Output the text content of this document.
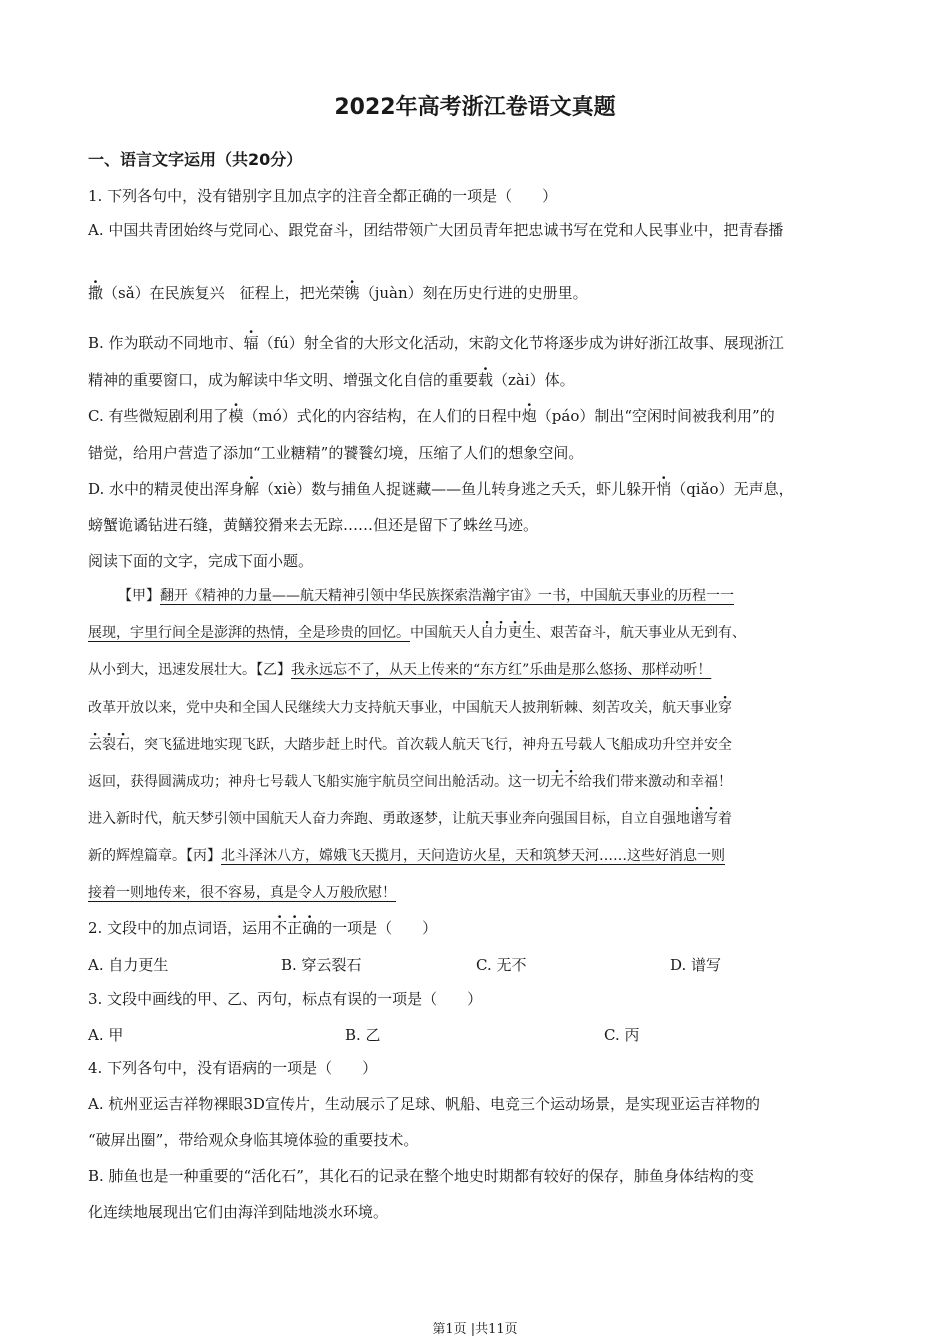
2022年高考浙江卷语文真题
一、语言文字运用（共20分）
1. 下列各句中，没有错别字且加点字的注音全都正确的一项是（　　）
A. 中国共青团始终与党同心、跟党奋斗，团结带领广大团员青年把忠诚书写在党和人民事业中，把青春播
撒（sǎ）在民族复兴　征程上，把光荣镌（juàn）刻在历史行进的史册里。
B. 作为联动不同地市、辐（fú）射全省的大形文化活动，宋韵文化节将逐步成为讲好浙江故事、展现浙江
精神的重要窗口，成为解读中华文明、增强文化自信的重要载（zài）体。
C. 有些微短剧利用了模（mó）式化的内容结构，在人们的日程中炮（páo）制出“空闲时间被我利用”的
错觉，给用户营造了添加“工业糖精”的饕餮幻境，压缩了人们的想象空间。
D. 水中的精灵使出浑身解（xiè）数与捕鱼人捉谜藏——鱼儿转身逃之夭夭，虾儿躲开悄（qiǎo）无声息，
螃蟹诡谲钻进石缝，黄鳝狡猾来去无踪……但还是留下了蛛丝马迹。
阅读下面的文字，完成下面小题。
【甲】翻开《精神的力量——航天精神引领中华民族探索浩瀚宇宙》一书，中国航天事业的历程一一
展现，宇里行间全是澎湃的热情，全是珍贵的回忆。中国航天人自力更生、艰苦奋斗，航天事业从无到有、
从小到大，迅速发展壮大。【乙】我永远忘不了，从天上传来的“东方红”乐曲是那么悠扬、那样动听！
改革开放以来，党中央和全国人民继续大力支持航天事业，中国航天人披荆斩棘、刻苦攻关，航天事业穿
云裂石，突飞猛进地实现飞跃，大踏步赶上时代。首次载人航天飞行，神舟五号载人飞船成功升空并安全
返回，获得圆满成功；神舟七号载人飞船实施宇航员空间出舱活动。这一切无不给我们带来激动和幸福！
进入新时代，航天梦引领中国航天人奋力奔跑、勇敢逐梦，让航天事业奔向强国目标，自立自强地谱写着
新的辉煌篇章。【丙】北斗泽沐八方，嫦娥飞天揽月，天问造访火星，天和筑梦天河……这些好消息一则
接着一则地传来，很不容易，真是令人万般欣慰！
2. 文段中的加点词语，运用不正确的一项是（　　）
A. 自力更生	B. 穿云裂石	C. 无不	D. 谱写
3. 文段中画线的甲、乙、丙句，标点有误的一项是（　　）
A. 甲	B. 乙	C. 丙
4. 下列各句中，没有语病的一项是（　　）
A. 杭州亚运吉祥物裸眼3D宣传片，生动展示了足球、帆船、电竞三个运动场景，是实现亚运吉祥物的
“破屏出圈”，带给观众身临其境体验的重要技术。
B. 肺鱼也是一种重要的“活化石”，其化石的记录在整个地史时期都有较好的保存，肺鱼身体结构的变
化连续地展现出它们由海洋到陆地淡水环境。
第1页 |共11页
